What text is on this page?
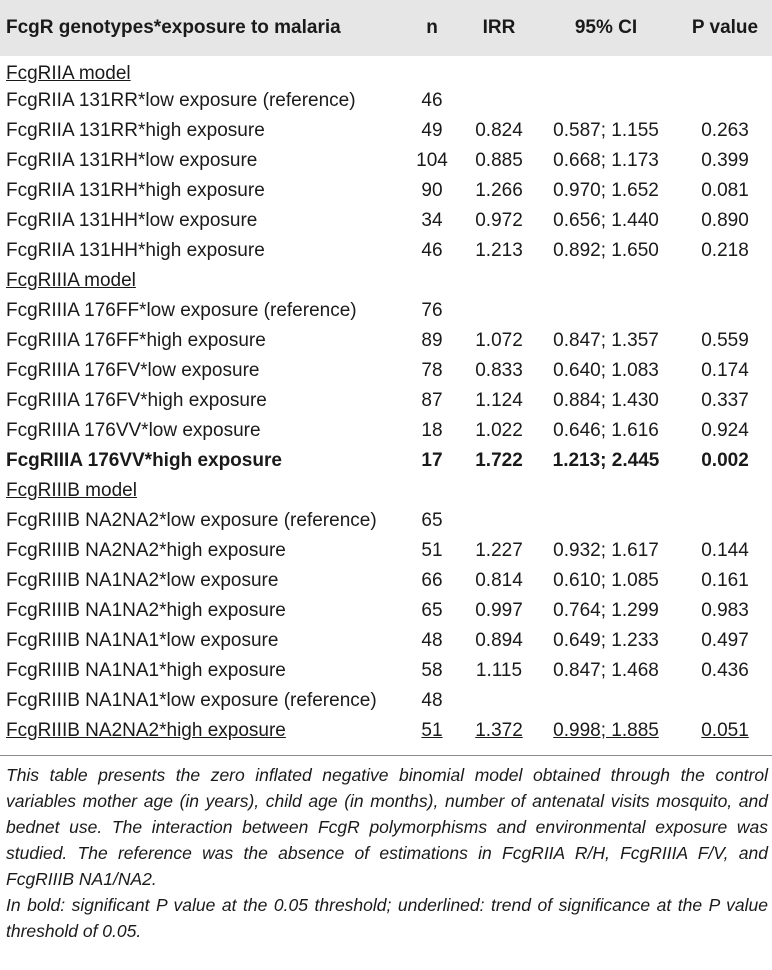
FcgR genotypes*exposure to malaria	n	IRR	95% CI	P value
FcgRIIA model				
FcgRIIA 131RR*low exposure (reference)	46			
FcgRIIA 131RR*high exposure	49	0.824	0.587; 1.155	0.263
FcgRIIA 131RH*low exposure	104	0.885	0.668; 1.173	0.399
FcgRIIA 131RH*high exposure	90	1.266	0.970; 1.652	0.081
FcgRIIA 131HH*low exposure	34	0.972	0.656; 1.440	0.890
FcgRIIA 131HH*high exposure	46	1.213	0.892; 1.650	0.218
FcgRIIIA model				
FcgRIIIA 176FF*low exposure (reference)	76			
FcgRIIIA 176FF*high exposure	89	1.072	0.847; 1.357	0.559
FcgRIIIA 176FV*low exposure	78	0.833	0.640; 1.083	0.174
FcgRIIIA 176FV*high exposure	87	1.124	0.884; 1.430	0.337
FcgRIIIA 176VV*low exposure	18	1.022	0.646; 1.616	0.924
FcgRIIIA 176VV*high exposure	17	1.722	1.213; 2.445	0.002
FcgRIIIB model				
FcgRIIIB NA2NA2*low exposure (reference)	65			
FcgRIIIB NA2NA2*high exposure	51	1.227	0.932; 1.617	0.144
FcgRIIIB NA1NA2*low exposure	66	0.814	0.610; 1.085	0.161
FcgRIIIB NA1NA2*high exposure	65	0.997	0.764; 1.299	0.983
FcgRIIIB NA1NA1*low exposure	48	0.894	0.649; 1.233	0.497
FcgRIIIB NA1NA1*high exposure	58	1.115	0.847; 1.468	0.436
FcgRIIIB NA1NA1*low exposure (reference)	48			
FcgRIIIB NA2NA2*high exposure	51	1.372	0.998; 1.885	0.051

This table presents the zero inflated negative binomial model obtained through the control variables mother age (in years), child age (in months), number of antenatal visits mosquito, and bednet use. The interaction between FcgR polymorphisms and environmental exposure was studied. The reference was the absence of estimations in FcgRIIA R/H, FcgRIIIA F/V, and FcgRIIIB NA1/NA2.

In bold: significant P value at the 0.05 threshold; underlined: trend of significance at the P value threshold of 0.05.
